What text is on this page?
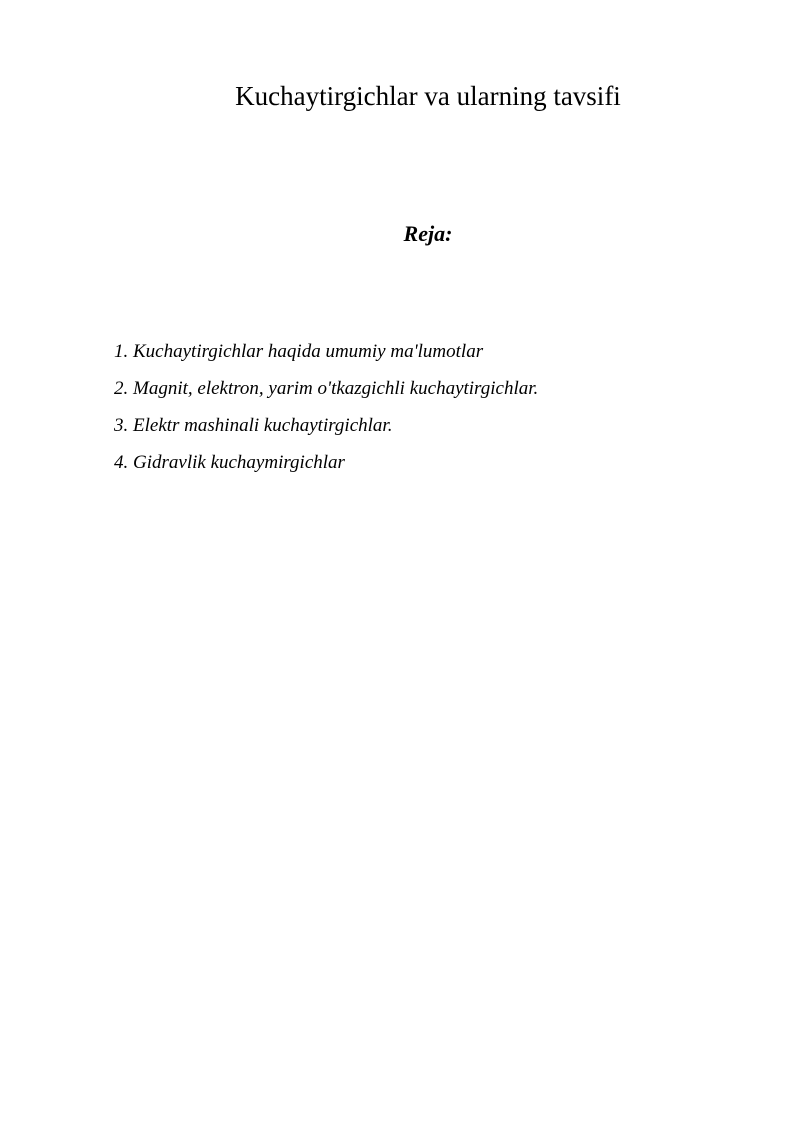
Kuchaytirgichlar va ularning tavsifi
Reja:
1. Kuchaytirgichlar haqida umumiy ma'lumotlar
2. Magnit, elektron, yarim o'tkazgichli kuchaytirgichlar.
3. Elektr mashinali kuchaytirgichlar.
4. Gidravlik kuchaymirgichlar
